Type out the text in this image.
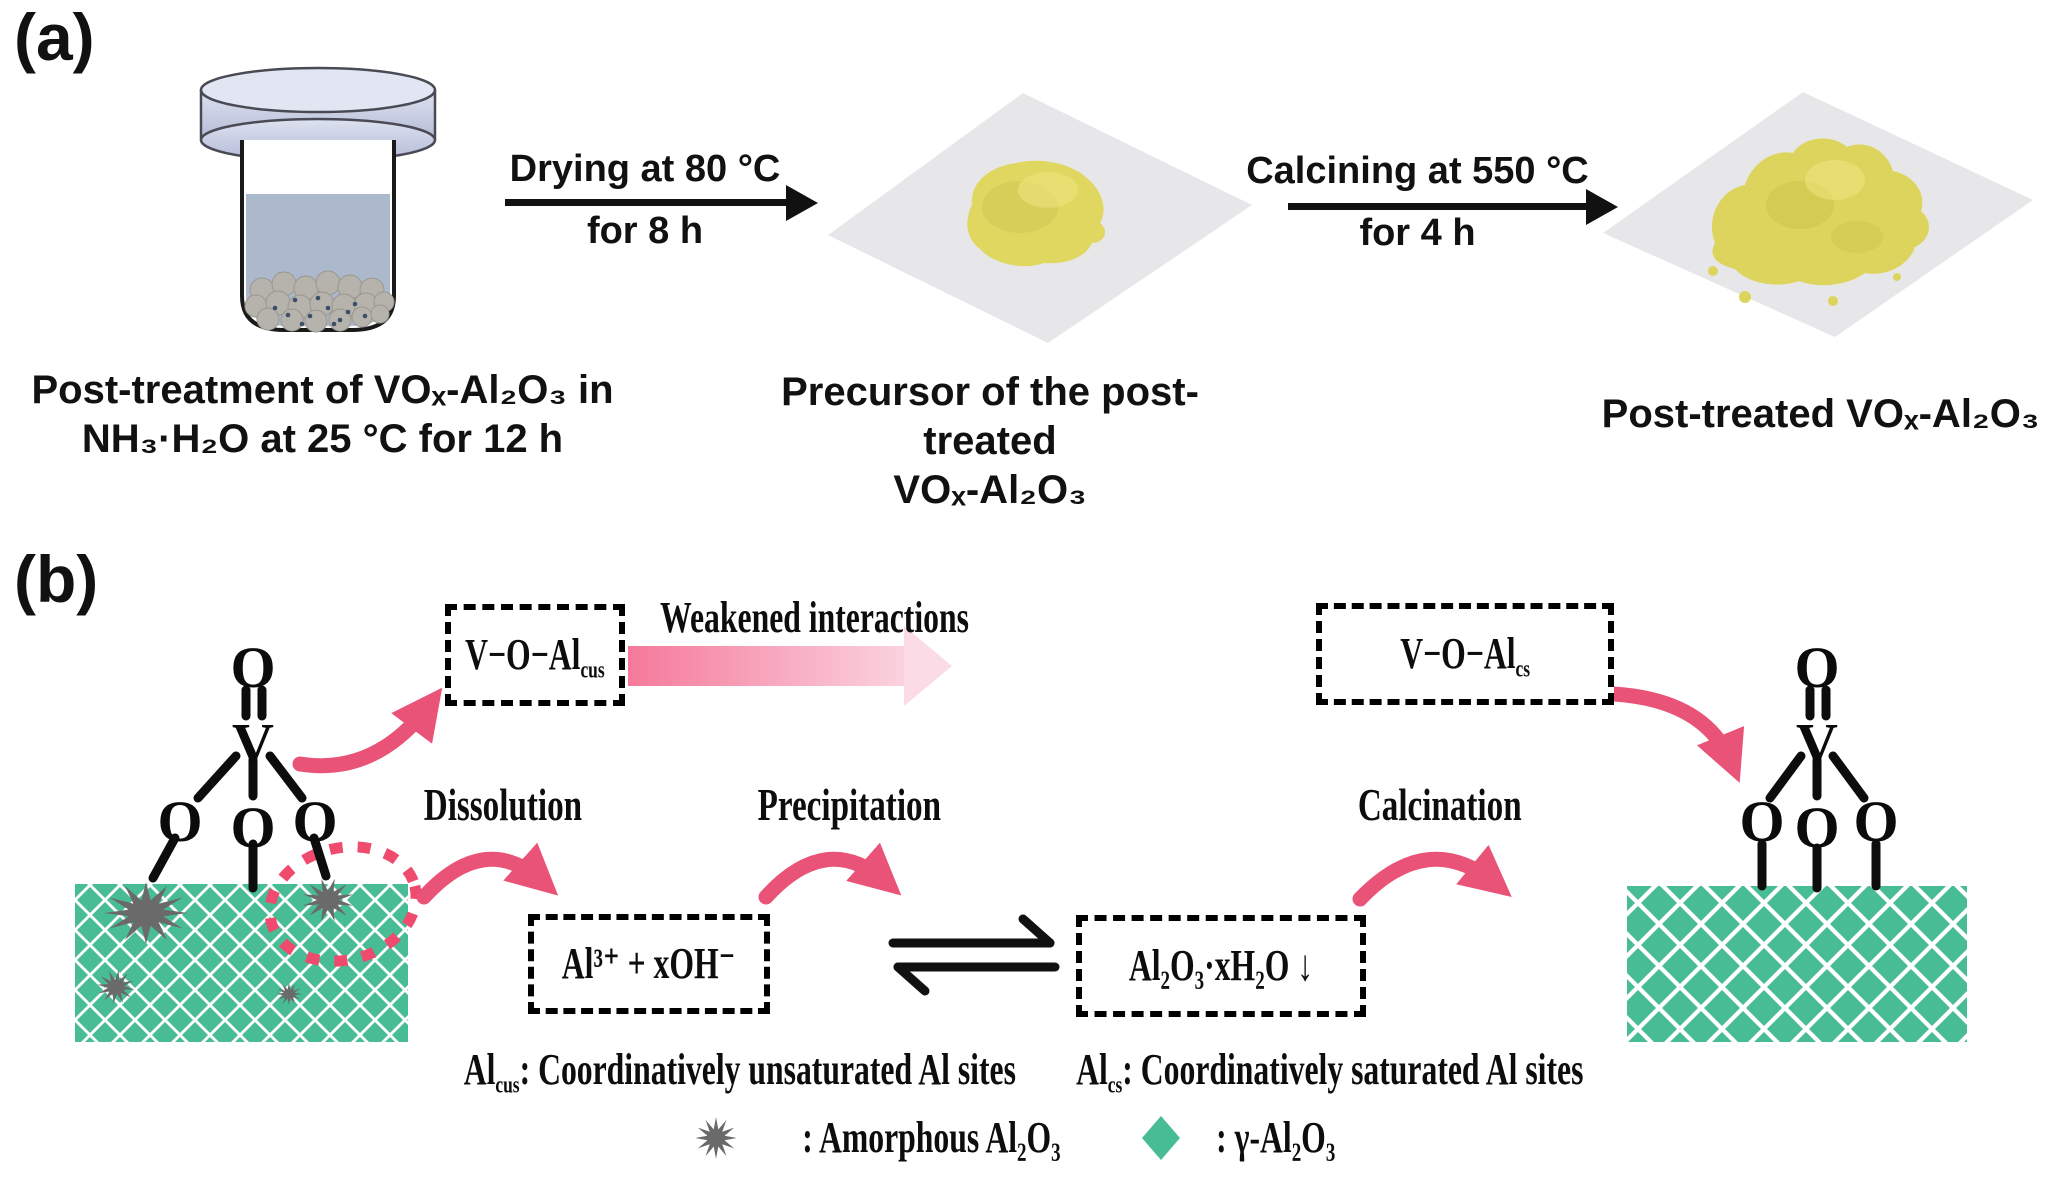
(a)
Post-treatment of VOₓ-Al₂O₃ in
NH₃·H₂O at 25 °C for 12 h
Drying at 80 °C
for 8 h
Precursor of the post-treated
VOₓ-Al₂O₃
Calcining at 550 °C
for 4 h
Post-treated VOₓ-Al₂O₃
(b)
O
V
O O O
O
V
O O O
$V-O-Al_{cus}$
Weakened interactions
$V-O-Al_{cs}$
Dissolution	Precipitation	Calcination
Al³⁺ + xOH⁻	Al₂O₃·xH₂O ↓
$Al_{cus}$: Coordinatively unsaturated Al sites $Al_{cs}$: Coordinatively saturated Al sites
: Amorphous Al₂O₃	: γ-Al₂O₃
